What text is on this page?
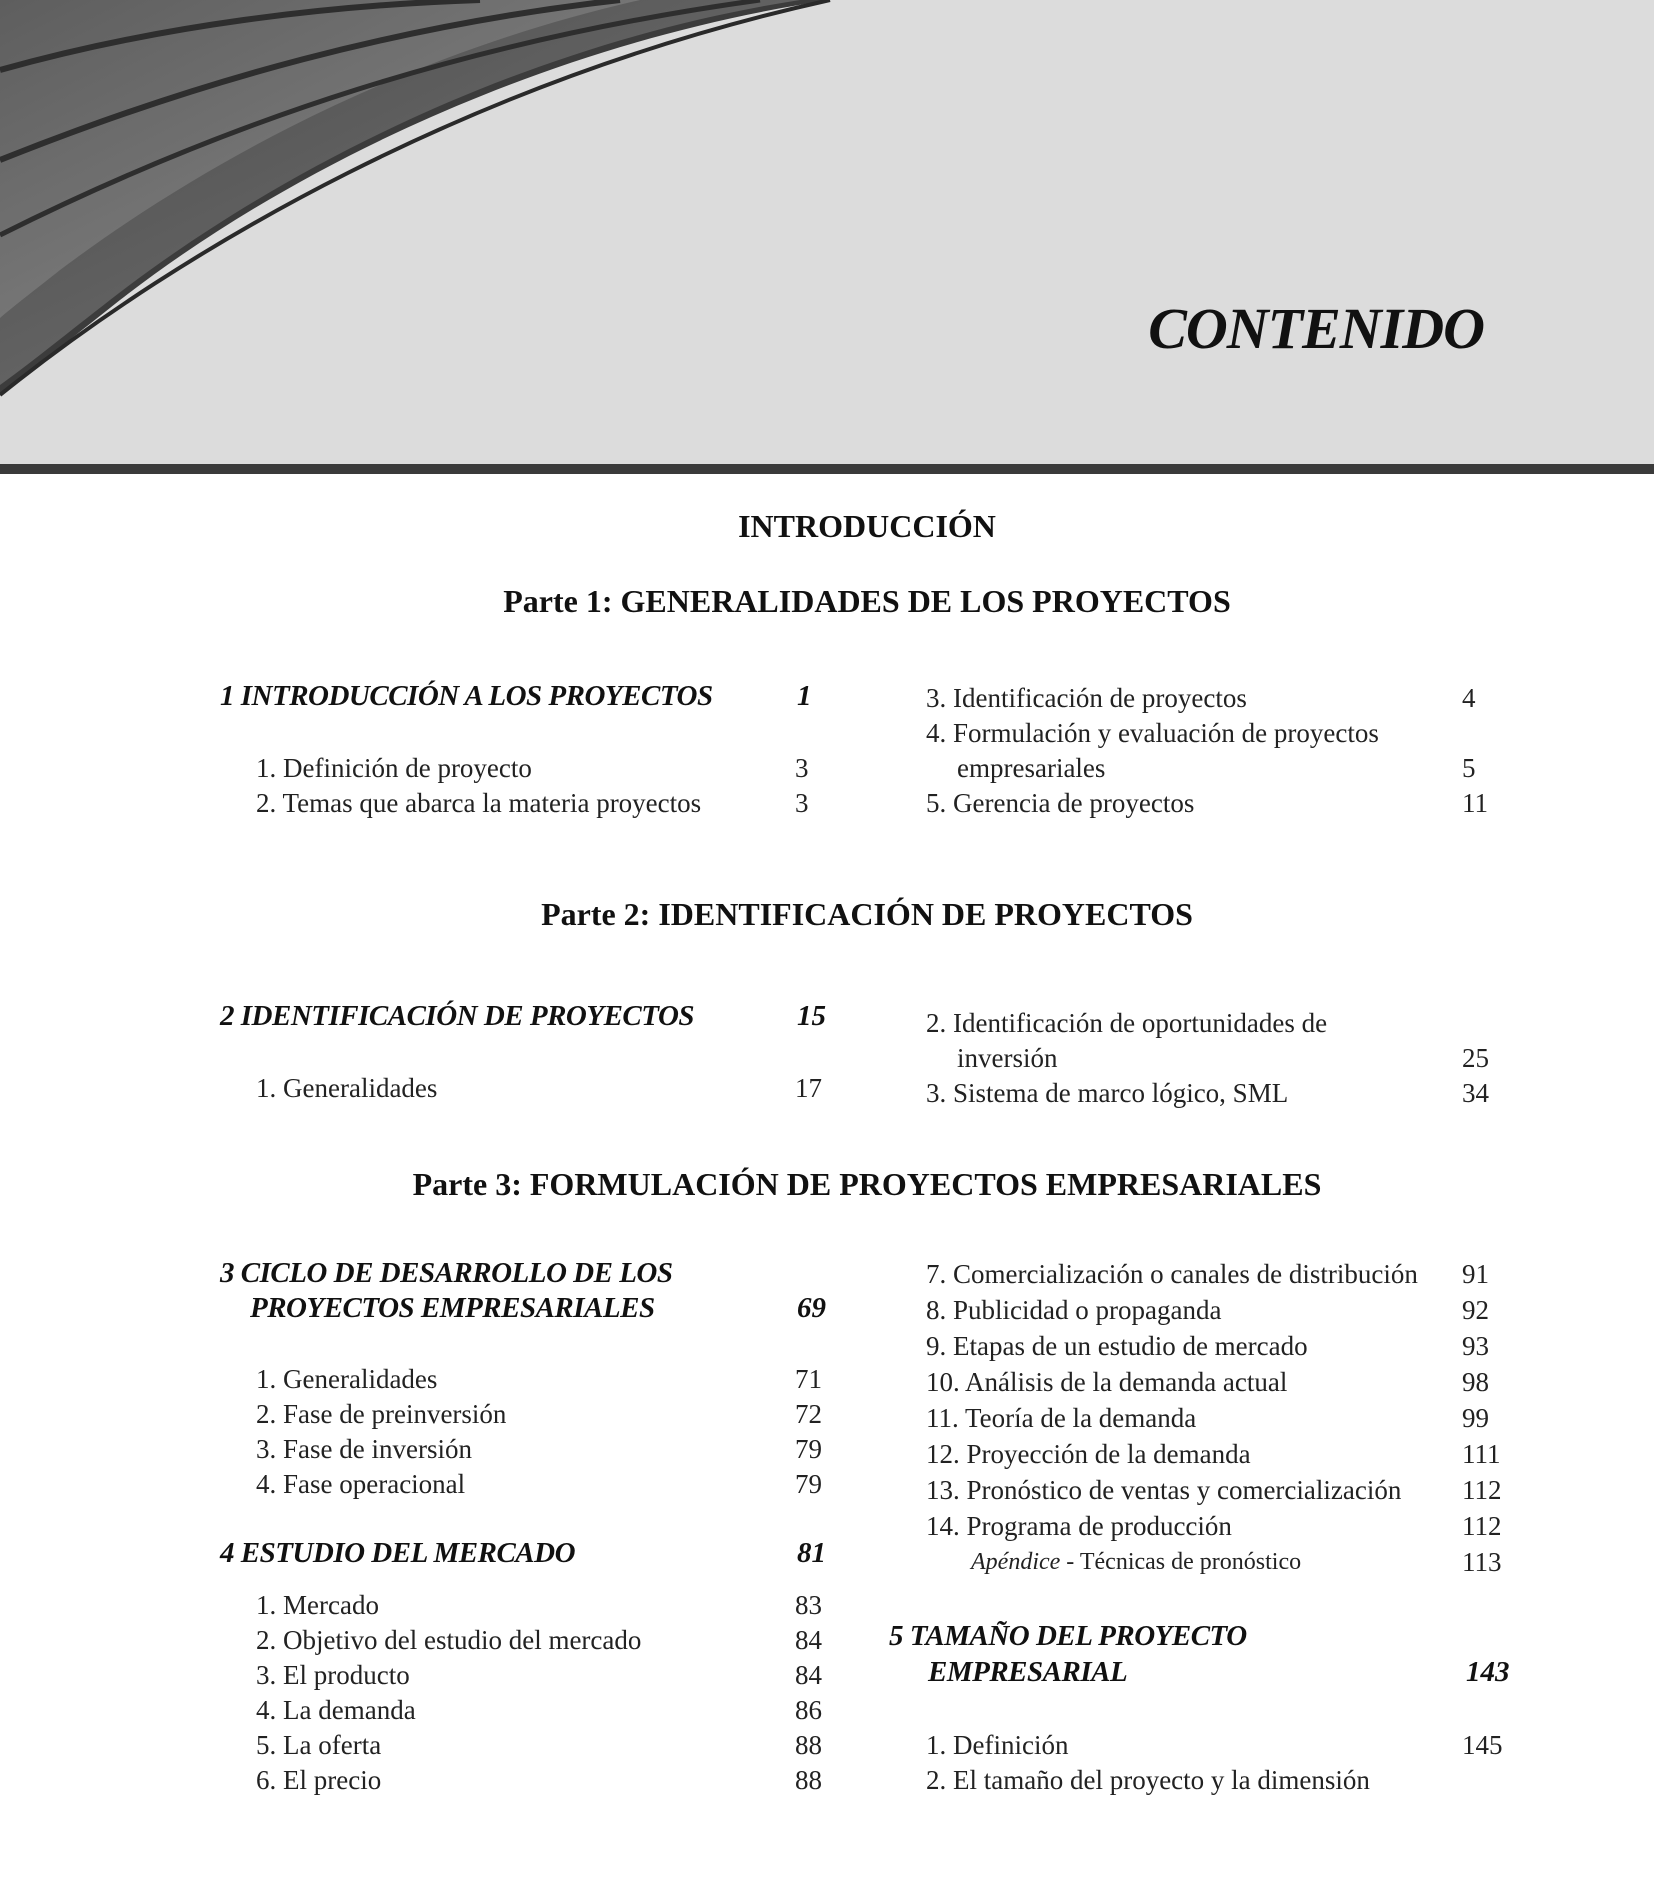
CONTENIDO
INTRODUCCIÓN
Parte 1: GENERALIDADES DE LOS PROYECTOS
Parte 2: IDENTIFICACIÓN DE PROYECTOS
Parte 3: FORMULACIÓN DE PROYECTOS EMPRESARIALES
1 INTRODUCCIÓN A LOS PROYECTOS	1
1. Definición de proyecto	3
2. Temas que abarca la materia proyectos	3
3. Identificación de proyectos	4
4. Formulación y evaluación de proyectos
empresariales	5
5. Gerencia de proyectos	11
2 IDENTIFICACIÓN DE PROYECTOS	15
1. Generalidades	17
2. Identificación de oportunidades de
inversión	25
3. Sistema de marco lógico, SML	34
3 CICLO DE DESARROLLO DE LOS
PROYECTOS EMPRESARIALES	69
1. Generalidades	71
2. Fase de preinversión	72
3. Fase de inversión	79
4. Fase operacional	79
4 ESTUDIO DEL MERCADO	81
1. Mercado	83
2. Objetivo del estudio del mercado	84
3. El producto	84
4. La demanda	86
5. La oferta	88
6. El precio	88
7. Comercialización o canales de distribución 91
8. Publicidad o propaganda	92
9. Etapas de un estudio de mercado	93
10. Análisis de la demanda actual	98
11. Teoría de la demanda	99
12. Proyección de la demanda	111
13. Pronóstico de ventas y comercialización 112
14. Programa de producción	112
Apéndice - Técnicas de pronóstico	113
5 TAMAÑO DEL PROYECTO
EMPRESARIAL	143
1. Definición	145
2. El tamaño del proyecto y la dimensión
